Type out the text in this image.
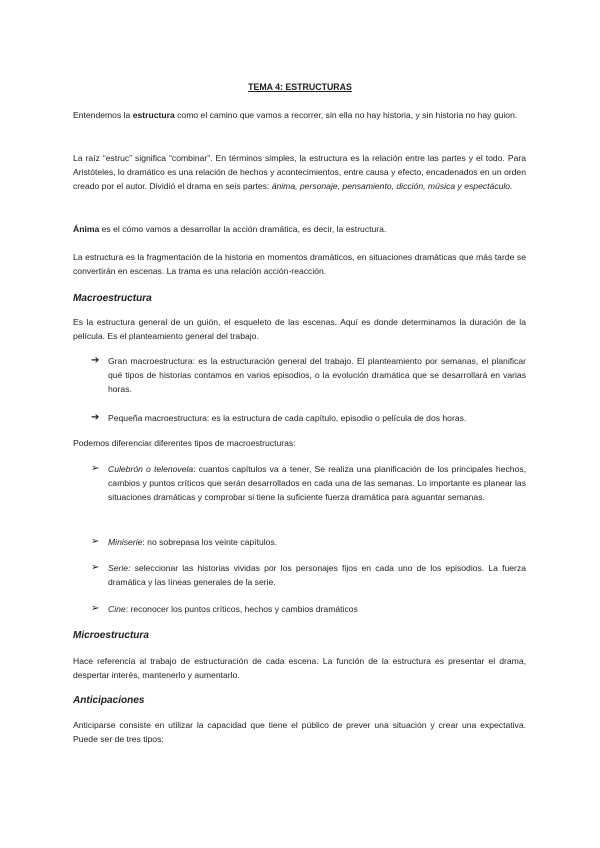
TEMA 4: ESTRUCTURAS

Entendemos la estructura como el camino que vamos a recorrer, sin ella no hay historia, y sin historia no hay guion.

La raíz “estruc” significa “combinar”. En términos simples, la estructura es la relación entre las partes y el todo. Para Aristóteles, lo dramático es una relación de hechos y acontecimientos, entre causa y efecto, encadenados en un orden creado por el autor. Dividió el drama en seis partes: ánima, personaje, pensamiento, dicción, música y espectáculo.

Ánima es el cómo vamos a desarrollar la acción dramática, es decir, la estructura.

La estructura es la fragmentación de la historia en momentos dramáticos, en situaciones dramáticas que más tarde se convertirán en escenas. La trama es una relación acción-reacción.

Macroestructura

Es la estructura general de un guión, el esqueleto de las escenas. Aquí es donde determinamos la duración de la película. Es el planteamiento general del trabajo.

➔	Gran macroestructura: es la estructuración general del trabajo. El planteamiento por semanas, el planificar qué tipos de historias contamos en varios episodios, o la evolución dramática que se desarrollará en varias horas.

➔	Pequeña macroestructura: es la estructura de cada capítulo, episodio o película de dos horas.

Podemos diferenciar diferentes tipos de macroestructuras:

➢	Culebrón o telenovela: cuantos capítulos va a tener, Se realiza una planificación de los principales hechos, cambios y puntos críticos que serán desarrollados en cada una de las semanas. Lo importante es planear las situaciones dramáticas y comprobar si tiene la suficiente fuerza dramática para aguantar semanas.

➢	Miniserie: no sobrepasa los veinte capítulos.

➢	Serie: seleccionar las historias vividas por los personajes fijos en cada uno de los episodios. La fuerza dramática y las líneas generales de la serie.

➢	Cine: reconocer los puntos críticos, hechos y cambios dramáticos

Microestructura

Hace referencia al trabajo de estructuración de cada escena. La función de la estructura es presentar el drama, despertar interés, mantenerlo y aumentarlo.

Anticipaciones

Anticiparse consiste en utilizar la capacidad que tiene el público de prever una situación y crear una expectativa. Puede ser de tres tipos:
